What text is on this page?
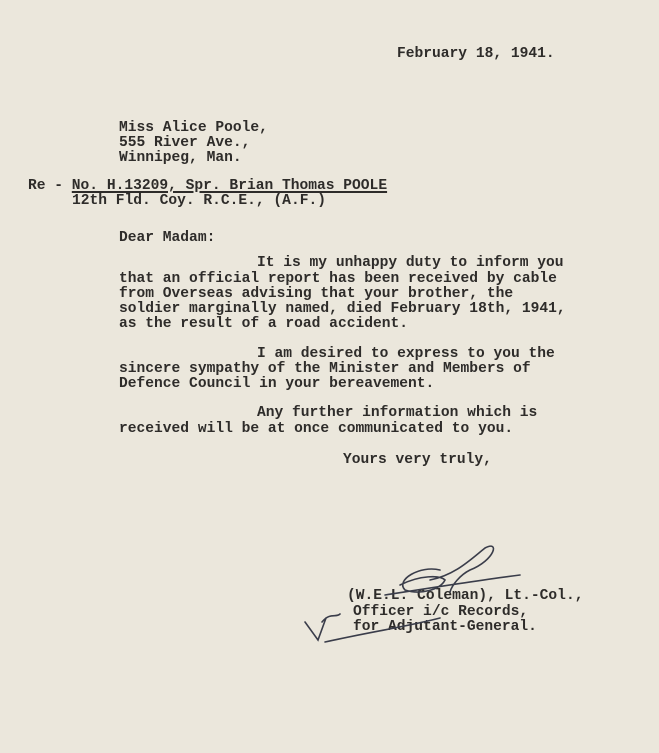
February 18, 1941.
Miss Alice Poole,
555 River Ave.,
Winnipeg, Man.
Re - No. H.13209, Spr. Brian Thomas POOLE
12th Fld. Coy. R.C.E., (A.F.)
Dear Madam:
It is my unhappy duty to inform you
that an official report has been received by cable
from Overseas advising that your brother, the
soldier marginally named, died February 18th, 1941,
as the result of a road accident.
I am desired to express to you the
sincere sympathy of the Minister and Members of
Defence Council in your bereavement.
Any further information which is
received will be at once communicated to you.
Yours very truly,
(W.E.L. Coleman), Lt.-Col.,
Officer i/c Records,
for Adjutant-General.
